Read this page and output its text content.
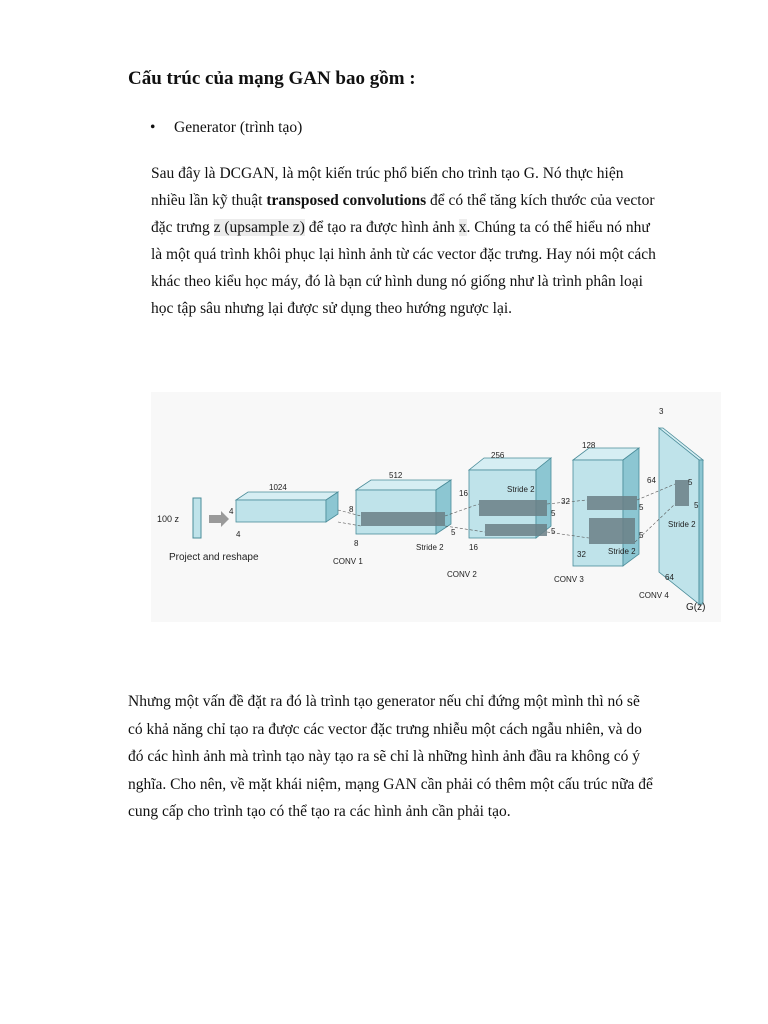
Cấu trúc của mạng GAN bao gồm :
• Generator (trình tạo)
Sau đây là DCGAN, là một kiến trúc phổ biến cho trình tạo G. Nó thực hiện
nhiều lần kỹ thuật transposed convolutions để có thể tăng kích thước của vector
đặc trưng z (upsample z) để tạo ra được hình ảnh x. Chúng ta có thể hiểu nó như
là một quá trình khôi phục lại hình ảnh từ các vector đặc trưng. Hay nói một cách
khác theo kiểu học máy, đó là bạn cứ hình dung nó giống như là trình phân loại
học tập sâu nhưng lại được sử dụng theo hướng ngược lại.
100 z
Project and reshape
1024
4
4
512
8
8
5
Stride 2
CONV 1
256
16
16
Stride 2
5
5
CONV 2
128
32
32
5
5
Stride 2
CONV 3
3
64
64
5
5
Stride 2
CONV 4
G(z)
Nhưng một vấn đề đặt ra đó là trình tạo generator nếu chỉ đứng một mình thì nó sẽ
có khả năng chỉ tạo ra được các vector đặc trưng nhiễu một cách ngẫu nhiên, và do
đó các hình ảnh mà trình tạo này tạo ra sẽ chỉ là những hình ảnh đầu ra không có ý
nghĩa. Cho nên, về mặt khái niệm, mạng GAN cần phải có thêm một cấu trúc nữa để
cung cấp cho trình tạo có thể tạo ra các hình ảnh cần phải tạo.
